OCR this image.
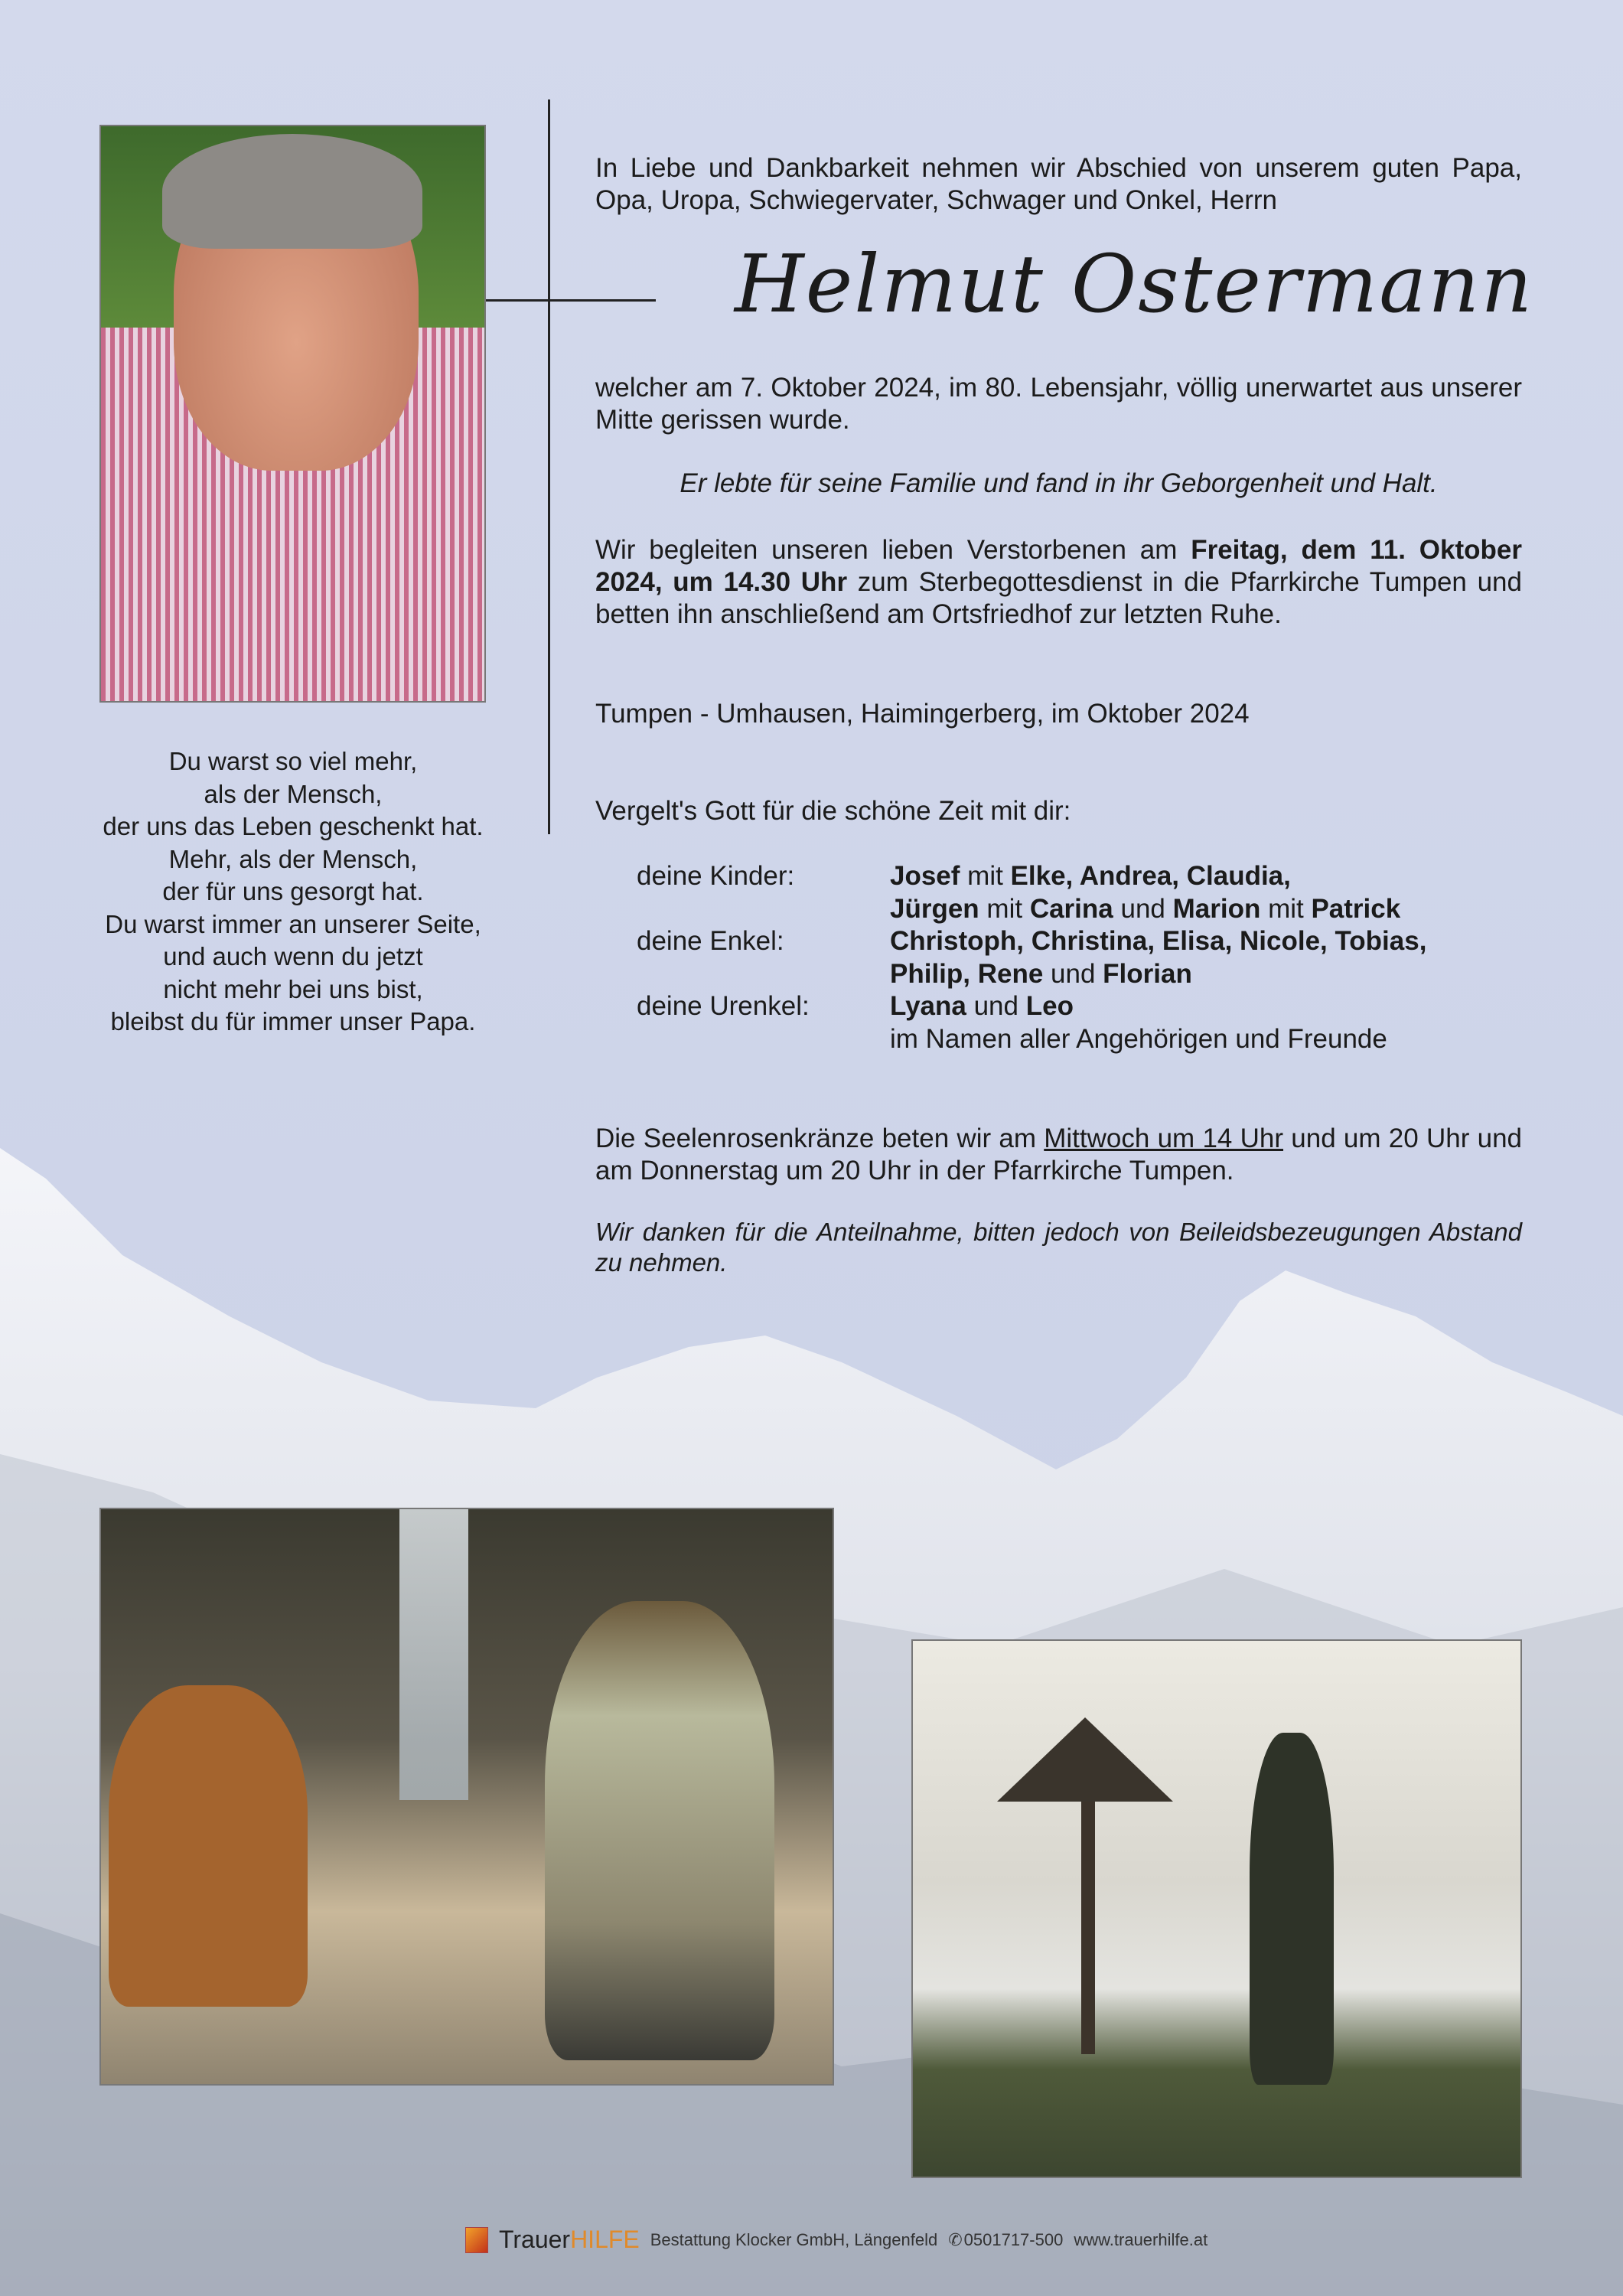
In Liebe und Dankbarkeit nehmen wir Abschied von unserem guten Papa, Opa, Uropa, Schwiegervater, Schwager und Onkel, Herrn
Helmut Ostermann
welcher am 7. Oktober 2024, im 80. Lebensjahr, völlig unerwartet aus unserer Mitte gerissen wurde.
Er lebte für seine Familie und fand in ihr Geborgenheit und Halt.
Wir begleiten unseren lieben Verstorbenen am Freitag, dem 11. Oktober 2024, um 14.30 Uhr zum Sterbegottesdienst in die Pfarrkirche Tumpen und betten ihn anschließend am Ortsfriedhof zur letzten Ruhe.
Tumpen - Umhausen, Haimingerberg, im Oktober 2024
Vergelt's Gott für die schöne Zeit mit dir:
deine Kinder:	Josef mit Elke, Andrea, Claudia,
Jürgen mit Carina und Marion mit Patrick
deine Enkel:	Christoph, Christina, Elisa, Nicole, Tobias,
Philip, Rene und Florian
deine Urenkel:	Lyana und Leo
im Namen aller Angehörigen und Freunde
Die Seelenrosenkränze beten wir am Mittwoch um 14 Uhr und um 20 Uhr und am Donnerstag um 20 Uhr in der Pfarrkirche Tumpen.
Wir danken für die Anteilnahme, bitten jedoch von Beileidsbezeugungen Abstand zu nehmen.
Du warst so viel mehr,
als der Mensch,
der uns das Leben geschenkt hat.
Mehr, als der Mensch,
der für uns gesorgt hat.
Du warst immer an unserer Seite,
und auch wenn du jetzt
nicht mehr bei uns bist,
bleibst du für immer unser Papa.
TrauerHILFE Bestattung Klocker GmbH, Längenfeld ✆ 0501717-500 www.trauerhilfe.at
